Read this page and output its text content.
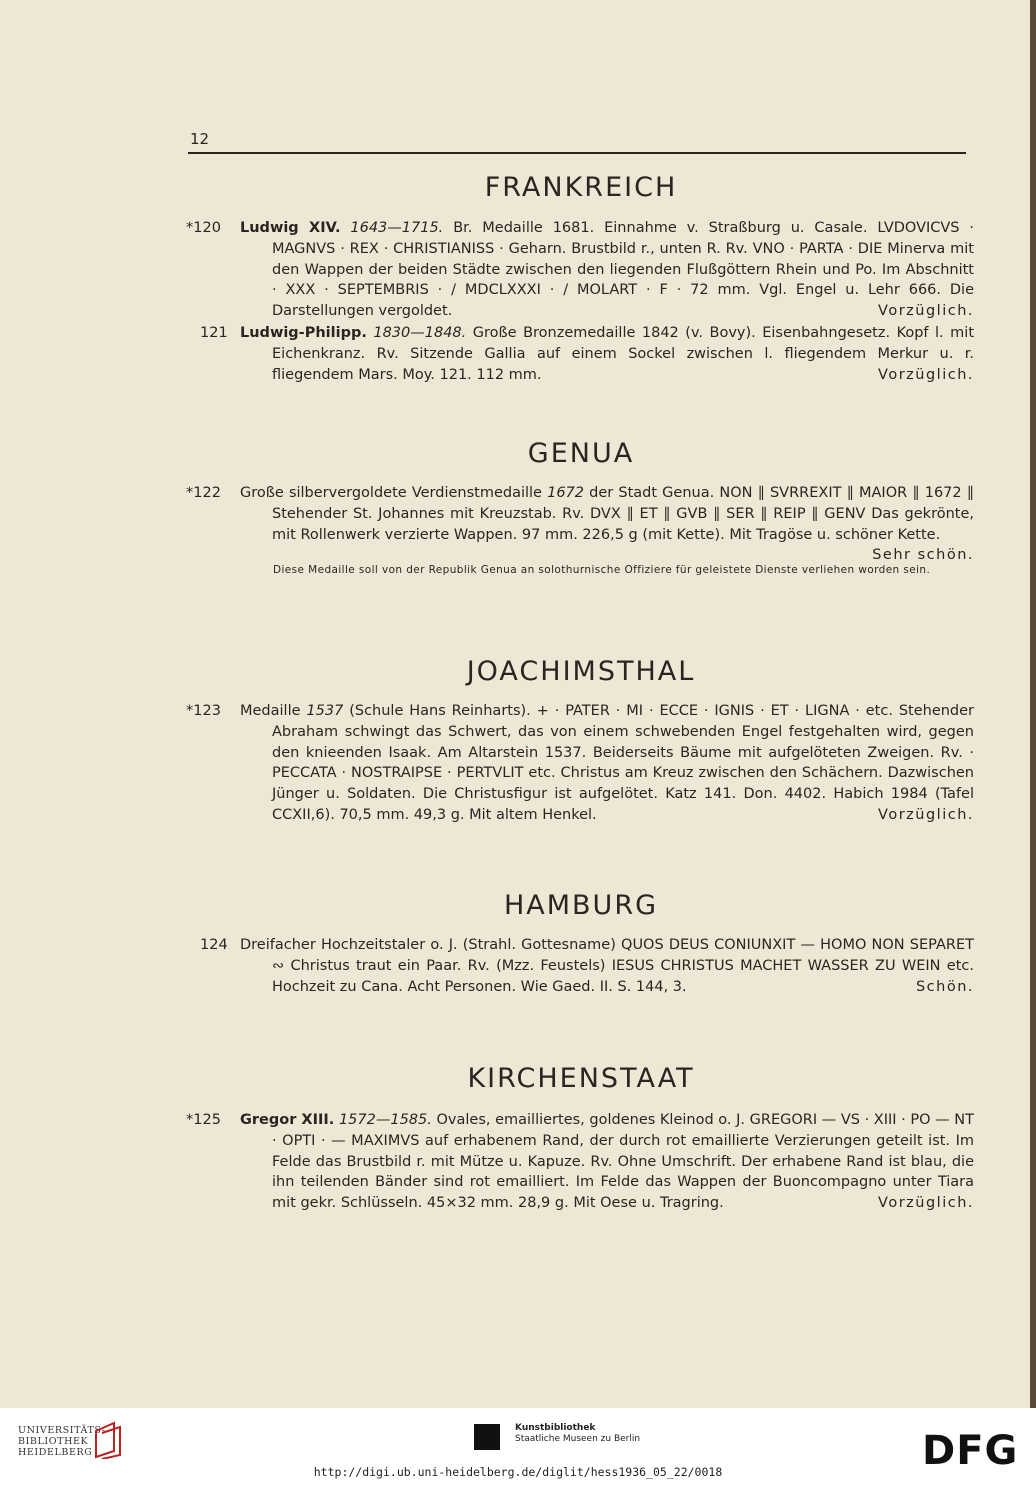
12
FRANKREICH
*120	Ludwig XIV. 1643—1715. Br. Medaille 1681. Einnahme v. Straßburg u. Casale. LVDOVICVS · MAGNVS · REX · CHRISTIANISS · Geharn. Brustbild r., unten R. Rv. VNO · PARTA · DIE Minerva mit den Wappen der beiden Städte zwischen den liegenden Flußgöttern Rhein und Po. Im Abschnitt · XXX · SEPTEMBRIS · / MDCLXXXI · / MOLART · F · 72 mm. Vgl. Engel u. Lehr 666. Die Darstellungen vergoldet.	Vorzüglich.
121 Ludwig-Philipp. 1830—1848. Große Bronzemedaille 1842 (v. Bovy). Eisenbahngesetz. Kopf l. mit Eichenkranz. Rv. Sitzende Gallia auf einem Sockel zwischen l. fliegendem Merkur u. r. fliegendem Mars. Moy. 121. 112 mm.	Vorzüglich.
GENUA
*122	Große silbervergoldete Verdienstmedaille 1672 der Stadt Genua. NON ∥ SVRREXIT ∥ MAIOR ∥ 1672 ∥ Stehender St. Johannes mit Kreuzstab. Rv. DVX ∥ ET ∥ GVB ∥ SER ∥ REIP ∥ GENV Das gekrönte, mit Rollenwerk verzierte Wappen. 97 mm. 226,5 g (mit Kette). Mit Tragöse u. schöner Kette.
Sehr schön.
Diese Medaille soll von der Republik Genua an solothurnische Offiziere für geleistete Dienste verliehen worden sein.
JOACHIMSTHAL
*123	Medaille 1537 (Schule Hans Reinharts). + · PATER · MI · ECCE · IGNIS · ET · LIGNA · etc. Stehender Abraham schwingt das Schwert, das von einem schwebenden Engel festgehalten wird, gegen den knieenden Isaak. Am Altarstein 1537. Beiderseits Bäume mit aufgelöteten Zweigen. Rv. · PECCATA · NOSTRAIPSE · PERTVLIT etc. Christus am Kreuz zwischen den Schächern. Dazwischen Jünger u. Soldaten. Die Christusfigur ist aufgelötet. Katz 141. Don. 4402. Habich 1984 (Tafel CCXII,6). 70,5 mm. 49,3 g. Mit altem Henkel.	Vorzüglich.
HAMBURG
124 Dreifacher Hochzeitstaler o. J. (Strahl. Gottesname) QUOS DEUS CONIUNXIT — HOMO NON SEPARET ∾ Christus traut ein Paar. Rv. (Mzz. Feustels) IESUS CHRISTUS MACHET WASSER ZU WEIN etc. Hochzeit zu Cana. Acht Personen. Wie Gaed. II. S. 144, 3.	Schön.
KIRCHENSTAAT
*125	Gregor XIII. 1572—1585. Ovales, emailliertes, goldenes Kleinod o. J. GREGORI — VS · XIII · PO — NT · OPTI · — MAXIMVS auf erhabenem Rand, der durch rot emaillierte Verzierungen geteilt ist. Im Felde das Brustbild r. mit Mütze u. Kapuze. Rv. Ohne Umschrift. Der erhabene Rand ist blau, die ihn teilenden Bänder sind rot emailliert. Im Felde das Wappen der Buoncompagno unter Tiara mit gekr. Schlüsseln. 45×32 mm. 28,9 g. Mit Oese u. Tragring.	Vorzüglich.
UNIVERSITÄTS-
BIBLIOTHEK
HEIDELBERG
Kunstbibliothek
Staatliche Museen zu Berlin	DFG
http://digi.ub.uni-heidelberg.de/diglit/hess1936_05_22/0018
